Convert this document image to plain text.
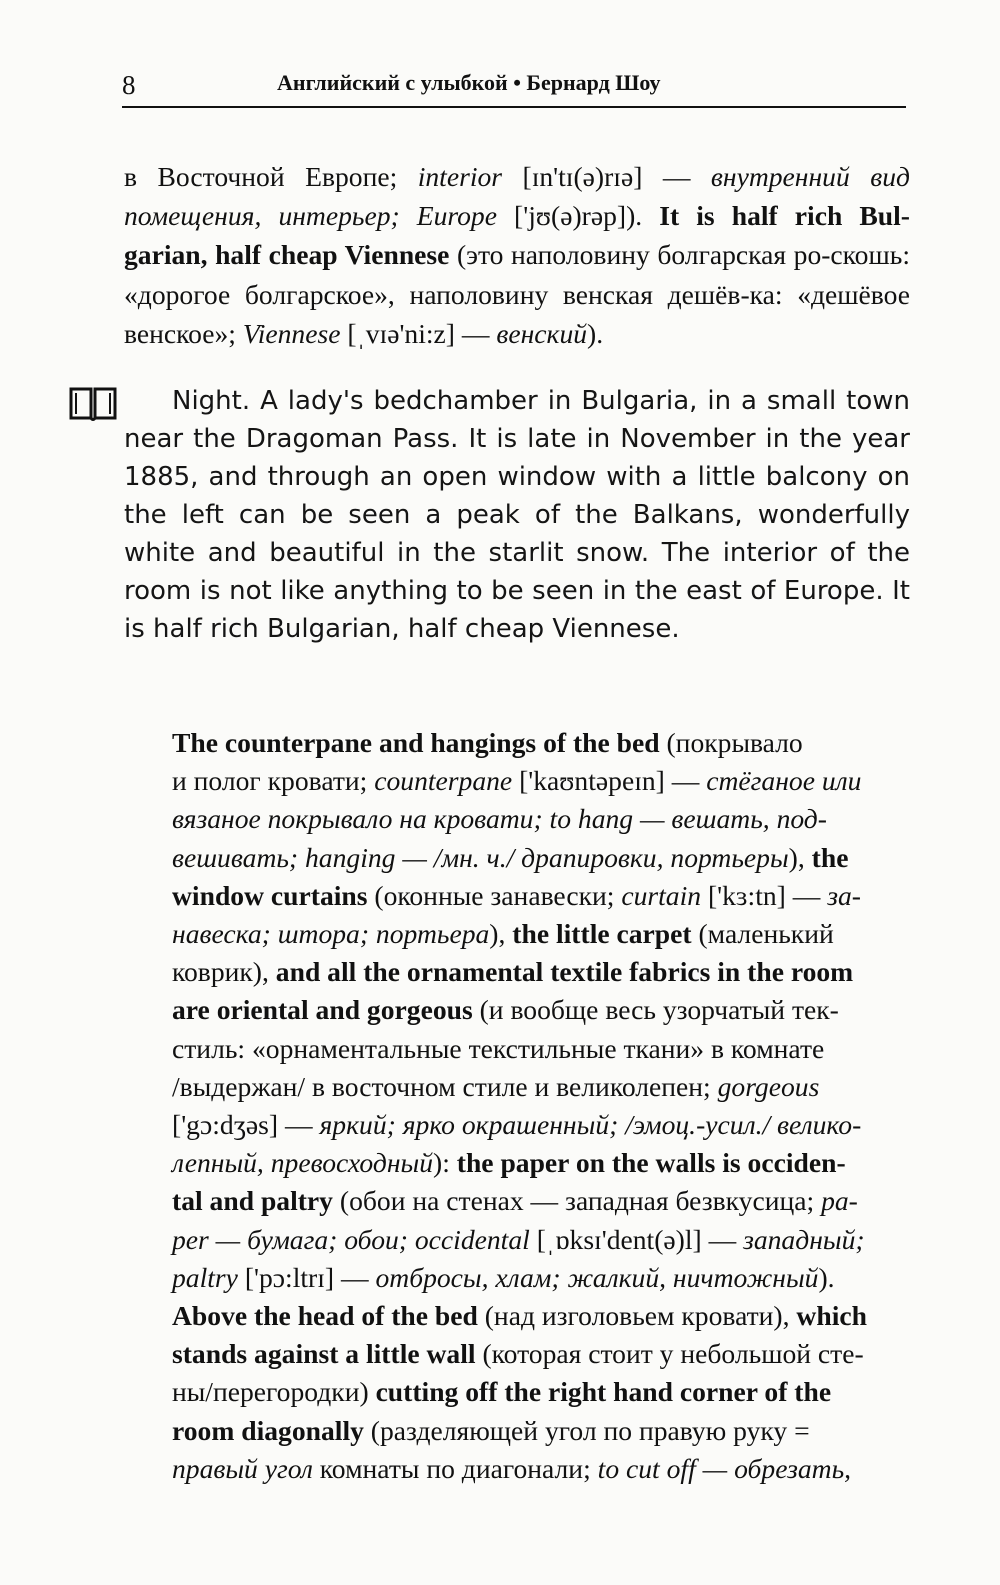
8	Английский с улыбкой • Бернард Шоу

в Восточной Европе; interior [ɪn'tɪ(ə)rɪə] — внутренний вид помещения, интерьер; Europe ['jʊ(ə)rəp]). It is half rich Bul-garian, half cheap Viennese (это наполовину болгарская ро-скошь: «дорогое болгарское», наполовину венская дешёв-ка: «дешёвое венское»; Viennese [ˌvɪə'ni:z] — венский).

Night. A lady's bedchamber in Bulgaria, in a small town near the Dragoman Pass. It is late in November in the year 1885, and through an open window with a little balcony on the left can be seen a peak of the Balkans, wonderfully white and beautiful in the starlit snow. The interior of the room is not like anything to be seen in the east of Europe. It is half rich Bulgarian, half cheap Viennese.

The counterpane and hangings of the bed (покрывало
и полог кровати; counterpane ['kaʊntəpeɪn] — стёганое или
вязаное покрывало на кровати; to hang — вешать, под-
вешивать; hanging — /мн. ч./ драпировки, портьеры), the
window curtains (оконные занавески; curtain ['kɜ:tn] — за-
навеска; штора; портьера), the little carpet (маленький
коврик), and all the ornamental textile fabrics in the room
are oriental and gorgeous (и вообще весь узорчатый тек-
стиль: «орнаментальные текстильные ткани» в комнате
/выдержан/ в восточном стиле и великолепен; gorgeous
['gɔ:dʒəs] — яркий; ярко окрашенный; /эмоц.-усил./ велико-
лепный, превосходный): the paper on the walls is occiden-
tal and paltry (обои на стенах — западная безвкусица; pa-
per — бумага; обои; occidental [ˌɒksɪ'dent(ə)l] — западный;
paltry ['pɔ:ltrɪ] — отбросы, хлам; жалкий, ничтожный).
Above the head of the bed (над изголовьем кровати), which
stands against a little wall (которая стоит у небольшой сте-
ны/перегородки) cutting off the right hand corner of the
room diagonally (разделяющей угол по правую руку =
правый угол комнаты по диагонали; to cut off — обрезать,
